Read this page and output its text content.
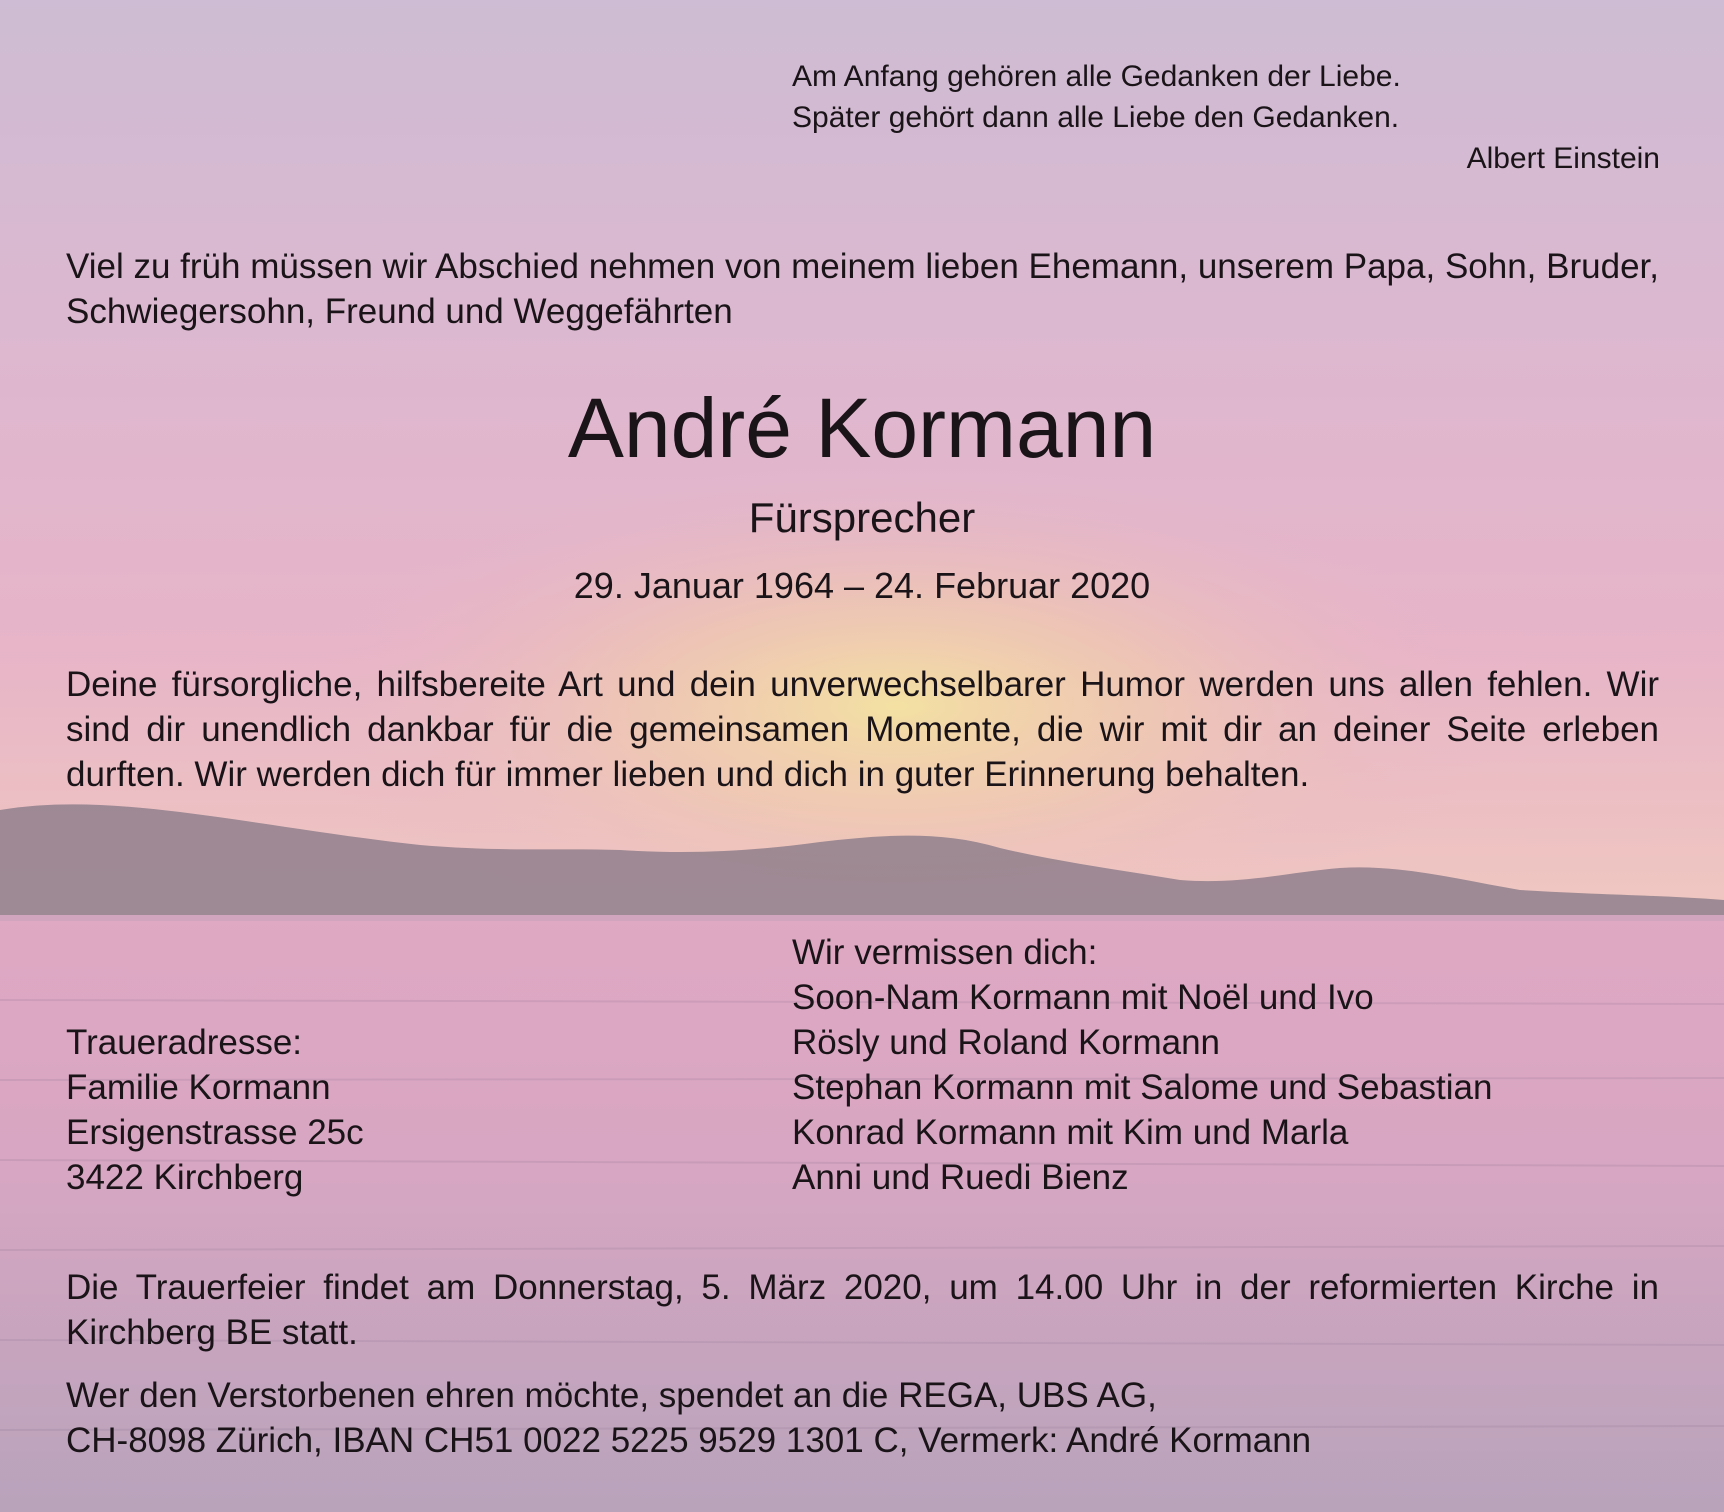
Am Anfang gehören alle Gedanken der Liebe.
Später gehört dann alle Liebe den Gedanken.
Albert Einstein
Viel zu früh müssen wir Abschied nehmen von meinem lieben Ehemann, unserem Papa, Sohn, Bruder, Schwiegersohn, Freund und Weggefährten
André Kormann
Fürsprecher
29. Januar 1964 – 24. Februar 2020
Deine fürsorgliche, hilfsbereite Art und dein unverwechselbarer Humor werden uns allen fehlen. Wir sind dir unendlich dankbar für die gemeinsamen Momente, die wir mit dir an deiner Seite erleben durften. Wir werden dich für immer lieben und dich in guter Erinnerung behalten.
Traueradresse:
Familie Kormann
Ersigenstrasse 25c
3422 Kirchberg
Wir vermissen dich:
Soon-Nam Kormann mit Noël und Ivo
Rösly und Roland Kormann
Stephan Kormann mit Salome und Sebastian
Konrad Kormann mit Kim und Marla
Anni und Ruedi Bienz
Die Trauerfeier findet am Donnerstag, 5. März 2020, um 14.00 Uhr in der reformierten Kirche in Kirchberg BE statt.
Wer den Verstorbenen ehren möchte, spendet an die REGA, UBS AG,
CH-8098 Zürich, IBAN CH51 0022 5225 9529 1301 C, Vermerk: André Kormann
